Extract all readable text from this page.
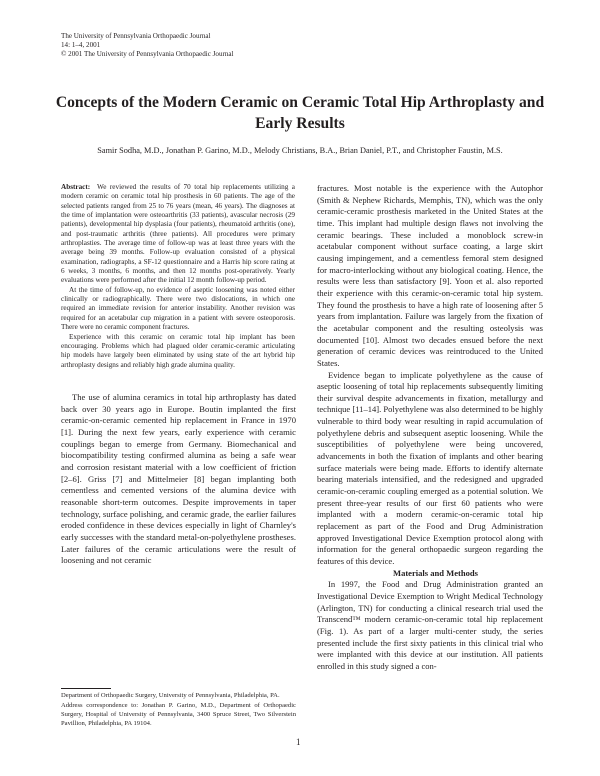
The University of Pennsylvania Orthopaedic Journal
14: 1–4, 2001
© 2001 The University of Pennsylvania Orthopaedic Journal
Concepts of the Modern Ceramic on Ceramic Total Hip Arthroplasty and Early Results
Samir Sodha, M.D., Jonathan P. Garino, M.D., Melody Christians, B.A., Brian Daniel, P.T., and Christopher Faustin, M.S.

Abstract: We reviewed the results of 70 total hip replacements utilizing a modern ceramic on ceramic total hip prosthesis in 60 patients. The age of the selected patients ranged from 25 to 76 years (mean, 46 years). The diagnoses at the time of implantation were osteoarthritis (33 patients), avascular necrosis (29 patients), developmental hip dysplasia (four patients), rheumatoid arthritis (one), and post-traumatic arthritis (three patients). All procedures were primary arthroplasties. The average time of follow-up was at least three years with the average being 39 months. Follow-up evaluation consisted of a physical examination, radiographs, a SF-12 questionnaire and a Harris hip score rating at 6 weeks, 3 months, 6 months, and then 12 months post-operatively. Yearly evaluations were performed after the initial 12 month follow-up period.

At the time of follow-up, no evidence of aseptic loosening was noted either clinically or radiographically. There were two dislocations, in which one required an immediate revision for anterior instability. Another revision was required for an acetabular cup migration in a patient with severe osteoporosis. There were no ceramic component fractures.

Experience with this ceramic on ceramic total hip implant has been encouraging. Problems which had plagued older ceramic-ceramic articulating hip models have largely been eliminated by using state of the art hybrid hip arthroplasty designs and reliably high grade alumina quality.

The use of alumina ceramics in total hip arthroplasty has dated back over 30 years ago in Europe. Boutin implanted the first ceramic-on-ceramic cemented hip replacement in France in 1970 [1]. During the next few years, early experience with ceramic couplings began to emerge from Germany. Biomechanical and biocompatibility testing confirmed alumina as being a safe wear and corrosion resistant material with a low coefficient of friction [2–6]. Griss [7] and Mittelmeier [8] began implanting both cementless and cemented versions of the alumina device with reasonable short-term outcomes. Despite improvements in taper technology, surface polishing, and ceramic grade, the earlier failures eroded confidence in these devices especially in light of Charnley's early successes with the standard metal-on-polyethylene prostheses. Later failures of the ceramic articulations were the result of loosening and not ceramic

Department of Orthopaedic Surgery, University of Pennsylvania, Philadelphia, PA.

Address correspondence to: Jonathan P. Garino, M.D., Department of Orthopaedic Surgery, Hospital of University of Pennsylvania, 3400 Spruce Street, Two Silverstein Pavillion, Philadelphia, PA 19104.

fractures. Most notable is the experience with the Autophor (Smith & Nephew Richards, Memphis, TN), which was the only ceramic-ceramic prosthesis marketed in the United States at the time. This implant had multiple design flaws not involving the ceramic bearings. These included a monoblock screw-in acetabular component without surface coating, a large skirt causing impingement, and a cementless femoral stem designed for macro-interlocking without any biological coating. Hence, the results were less than satisfactory [9]. Yoon et al. also reported their experience with this ceramic-on-ceramic total hip system. They found the prosthesis to have a high rate of loosening after 5 years from implantation. Failure was largely from the fixation of the acetabular component and the resulting osteolysis was documented [10]. Almost two decades ensued before the next generation of ceramic devices was reintroduced to the United States.

Evidence began to implicate polyethylene as the cause of aseptic loosening of total hip replacements subsequently limiting their survival despite advancements in fixation, metallurgy and technique [11–14]. Polyethylene was also determined to be highly vulnerable to third body wear resulting in rapid accumulation of polyethylene debris and subsequent aseptic loosening. While the susceptibilities of polyethylene were being uncovered, advancements in both the fixation of implants and other bearing surface materials were being made. Efforts to identify alternate bearing materials intensified, and the redesigned and upgraded ceramic-on-ceramic coupling emerged as a potential solution. We present three-year results of our first 60 patients who were implanted with a modern ceramic-on-ceramic total hip replacement as part of the Food and Drug Administration approved Investigational Device Exemption protocol along with information for the general orthopaedic surgeon regarding the features of this device.

Materials and Methods

In 1997, the Food and Drug Administration granted an Investigational Device Exemption to Wright Medical Technology (Arlington, TN) for conducting a clinical research trial used the Transcend™ modern ceramic-on-ceramic total hip replacement (Fig. 1). As part of a larger multi-center study, the series presented include the first sixty patients in this clinical trial who were implanted with this device at our institution. All patients enrolled in this study signed a con-

1
